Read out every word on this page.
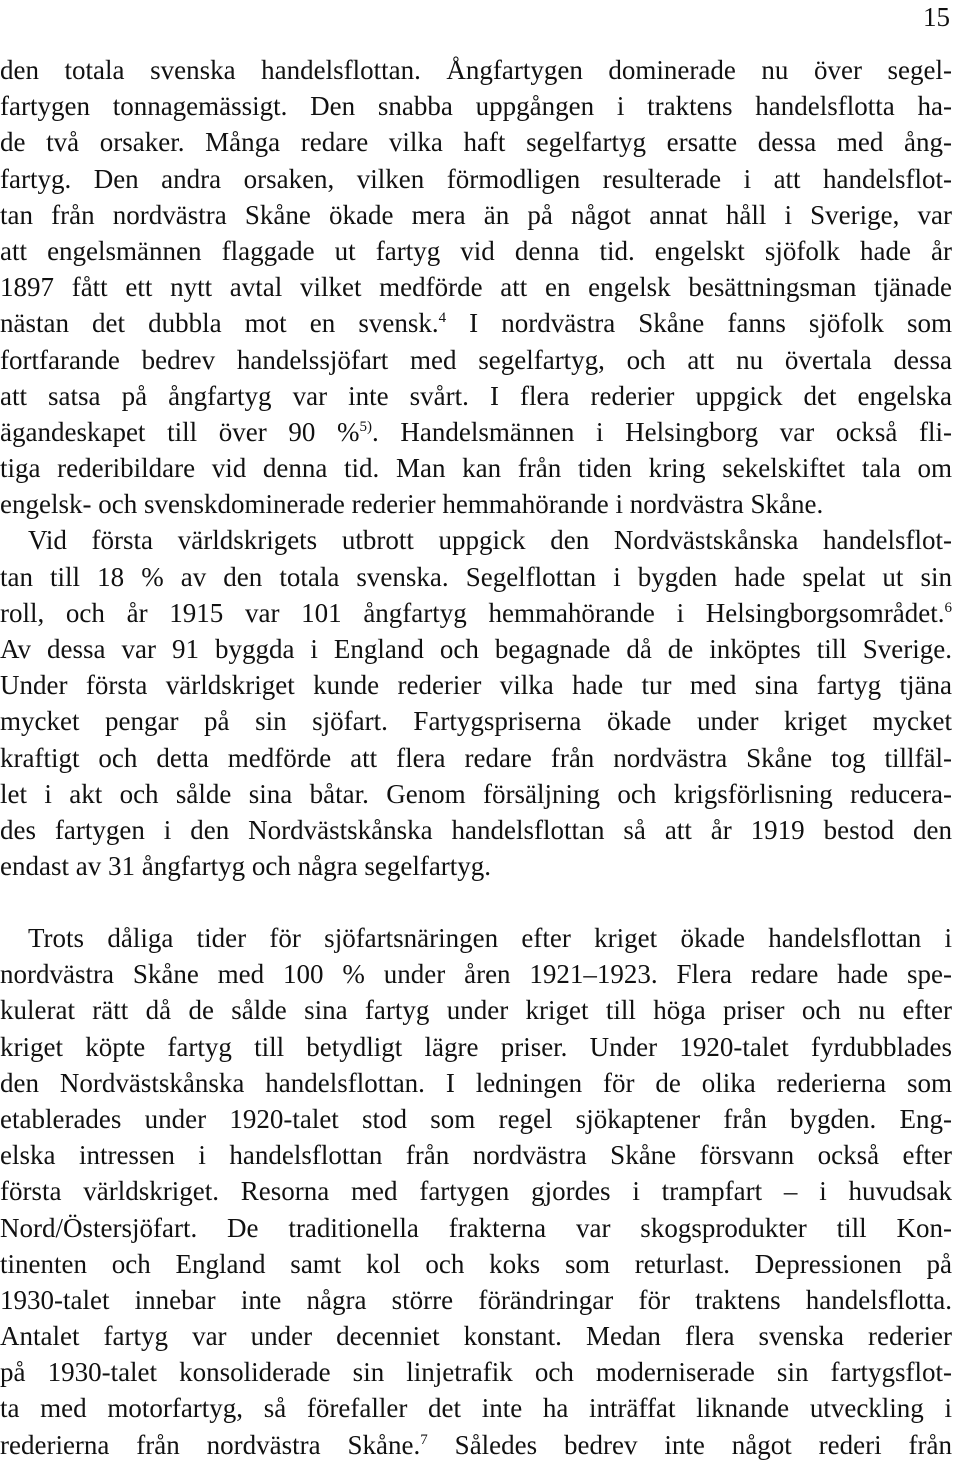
15
den totala svenska handelsflottan. Ångfartygen dominerade nu över segel-
fartygen tonnagemässigt. Den snabba uppgången i traktens handelsflotta ha-
de två orsaker. Många redare vilka haft segelfartyg ersatte dessa med ång-
fartyg. Den andra orsaken, vilken förmodligen resulterade i att handelsflot-
tan från nordvästra Skåne ökade mera än på något annat håll i Sverige, var
att engelsmännen flaggade ut fartyg vid denna tid. engelskt sjöfolk hade år
1897 fått ett nytt avtal vilket medförde att en engelsk besättningsman tjänade
nästan det dubbla mot en svensk.$^4$ I nordvästra Skåne fanns sjöfolk som
fortfarande bedrev handelssjöfart med segelfartyg, och att nu övertala dessa
att satsa på ångfartyg var inte svårt. I flera rederier uppgick det engelska
ägandeskapet till över 90 %$^{5)}$. Handelsmännen i Helsingborg var också fli-
tiga rederibildare vid denna tid. Man kan från tiden kring sekelskiftet tala om
engelsk- och svenskdominerade rederier hemmahörande i nordvästra Skåne.
Vid första världskrigets utbrott uppgick den Nordvästskånska handelsflot-
tan till 18 % av den totala svenska. Segelflottan i bygden hade spelat ut sin
roll, och år 1915 var 101 ångfartyg hemmahörande i Helsingborgsområdet.$^6$
Av dessa var 91 byggda i England och begagnade då de inköptes till Sverige.
Under första världskriget kunde rederier vilka hade tur med sina fartyg tjäna
mycket pengar på sin sjöfart. Fartygspriserna ökade under kriget mycket
kraftigt och detta medförde att flera redare från nordvästra Skåne tog tillfäl-
let i akt och sålde sina båtar. Genom försäljning och krigsförlisning reducera-
des fartygen i den Nordvästskånska handelsflottan så att år 1919 bestod den
endast av 31 ångfartyg och några segelfartyg.
Trots dåliga tider för sjöfartsnäringen efter kriget ökade handelsflottan i
nordvästra Skåne med 100 % under åren 1921–1923. Flera redare hade spe-
kulerat rätt då de sålde sina fartyg under kriget till höga priser och nu efter
kriget köpte fartyg till betydligt lägre priser. Under 1920-talet fyrdubblades
den Nordvästskånska handelsflottan. I ledningen för de olika rederierna som
etablerades under 1920-talet stod som regel sjökaptener från bygden. Eng-
elska intressen i handelsflottan från nordvästra Skåne försvann också efter
första världskriget. Resorna med fartygen gjordes i trampfart – i huvudsak
Nord/Östersjöfart. De traditionella frakterna var skogsprodukter till Kon-
tinenten och England samt kol och koks som returlast. Depressionen på
1930-talet innebar inte några större förändringar för traktens handelsflotta.
Antalet fartyg var under decenniet konstant. Medan flera svenska rederier
på 1930-talet konsoliderade sin linjetrafik och moderniserade sin fartygsflot-
ta med motorfartyg, så förefaller det inte ha inträffat liknande utveckling i
rederierna från nordvästra Skåne.$^7$ Således bedrev inte något rederi från
